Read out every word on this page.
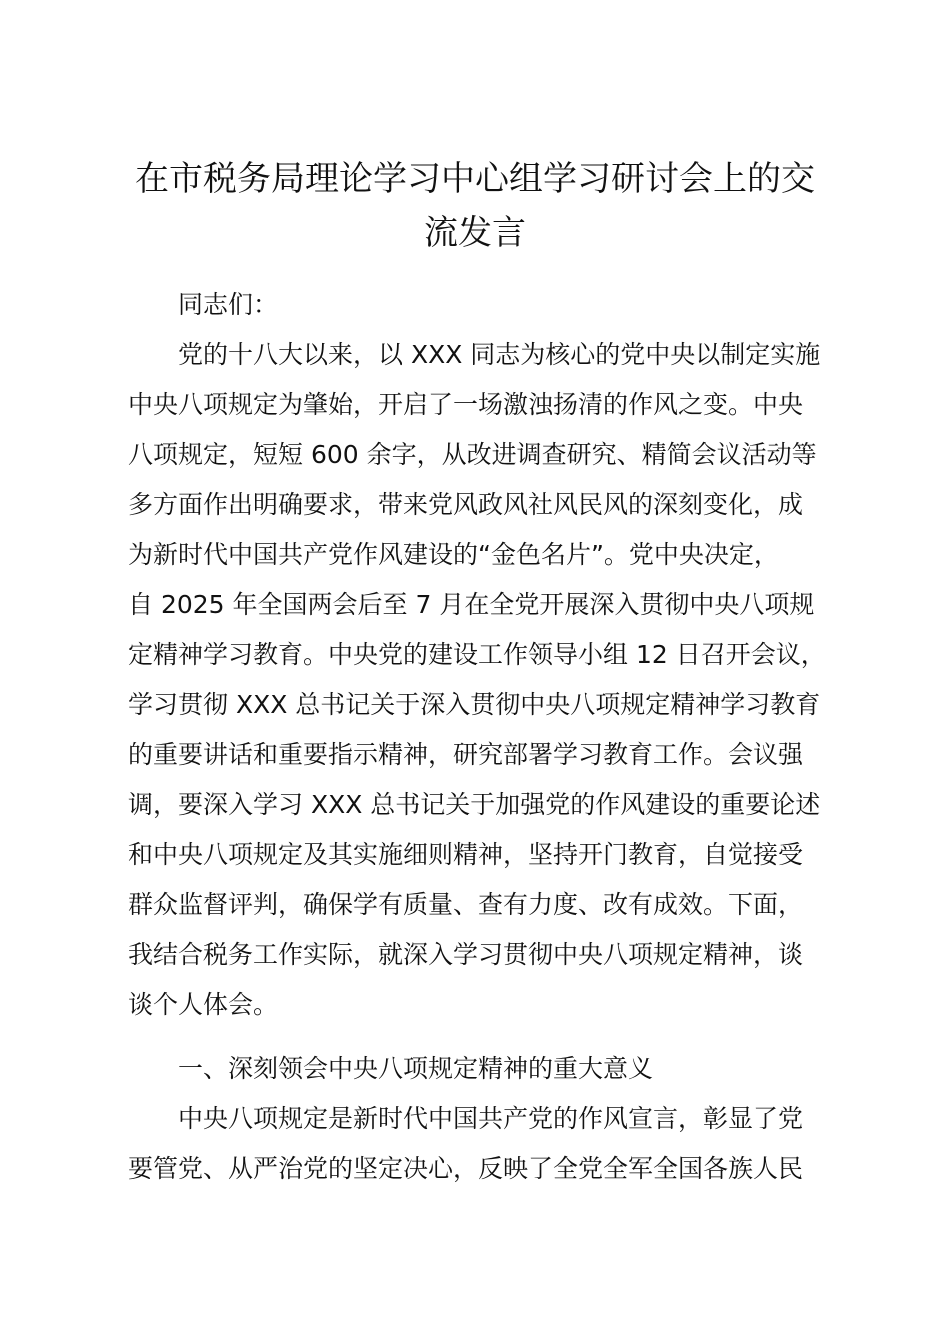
在市税务局理论学习中心组学习研讨会上的交
流发言
同志们：
党的十八大以来，以 XXX 同志为核心的党中央以制定实施
中央八项规定为肇始，开启了一场激浊扬清的作风之变。中央
八项规定，短短 600 余字，从改进调查研究、精简会议活动等
多方面作出明确要求，带来党风政风社风民风的深刻变化，成
为新时代中国共产党作风建设的“金色名片”。党中央决定，
自 2025 年全国两会后至 7 月在全党开展深入贯彻中央八项规
定精神学习教育。中央党的建设工作领导小组 12 日召开会议，
学习贯彻 XXX 总书记关于深入贯彻中央八项规定精神学习教育
的重要讲话和重要指示精神，研究部署学习教育工作。会议强
调，要深入学习 XXX 总书记关于加强党的作风建设的重要论述
和中央八项规定及其实施细则精神，坚持开门教育，自觉接受
群众监督评判，确保学有质量、查有力度、改有成效。下面，
我结合税务工作实际，就深入学习贯彻中央八项规定精神，谈
谈个人体会。
一、深刻领会中央八项规定精神的重大意义
中央八项规定是新时代中国共产党的作风宣言，彰显了党
要管党、从严治党的坚定决心，反映了全党全军全国各族人民
